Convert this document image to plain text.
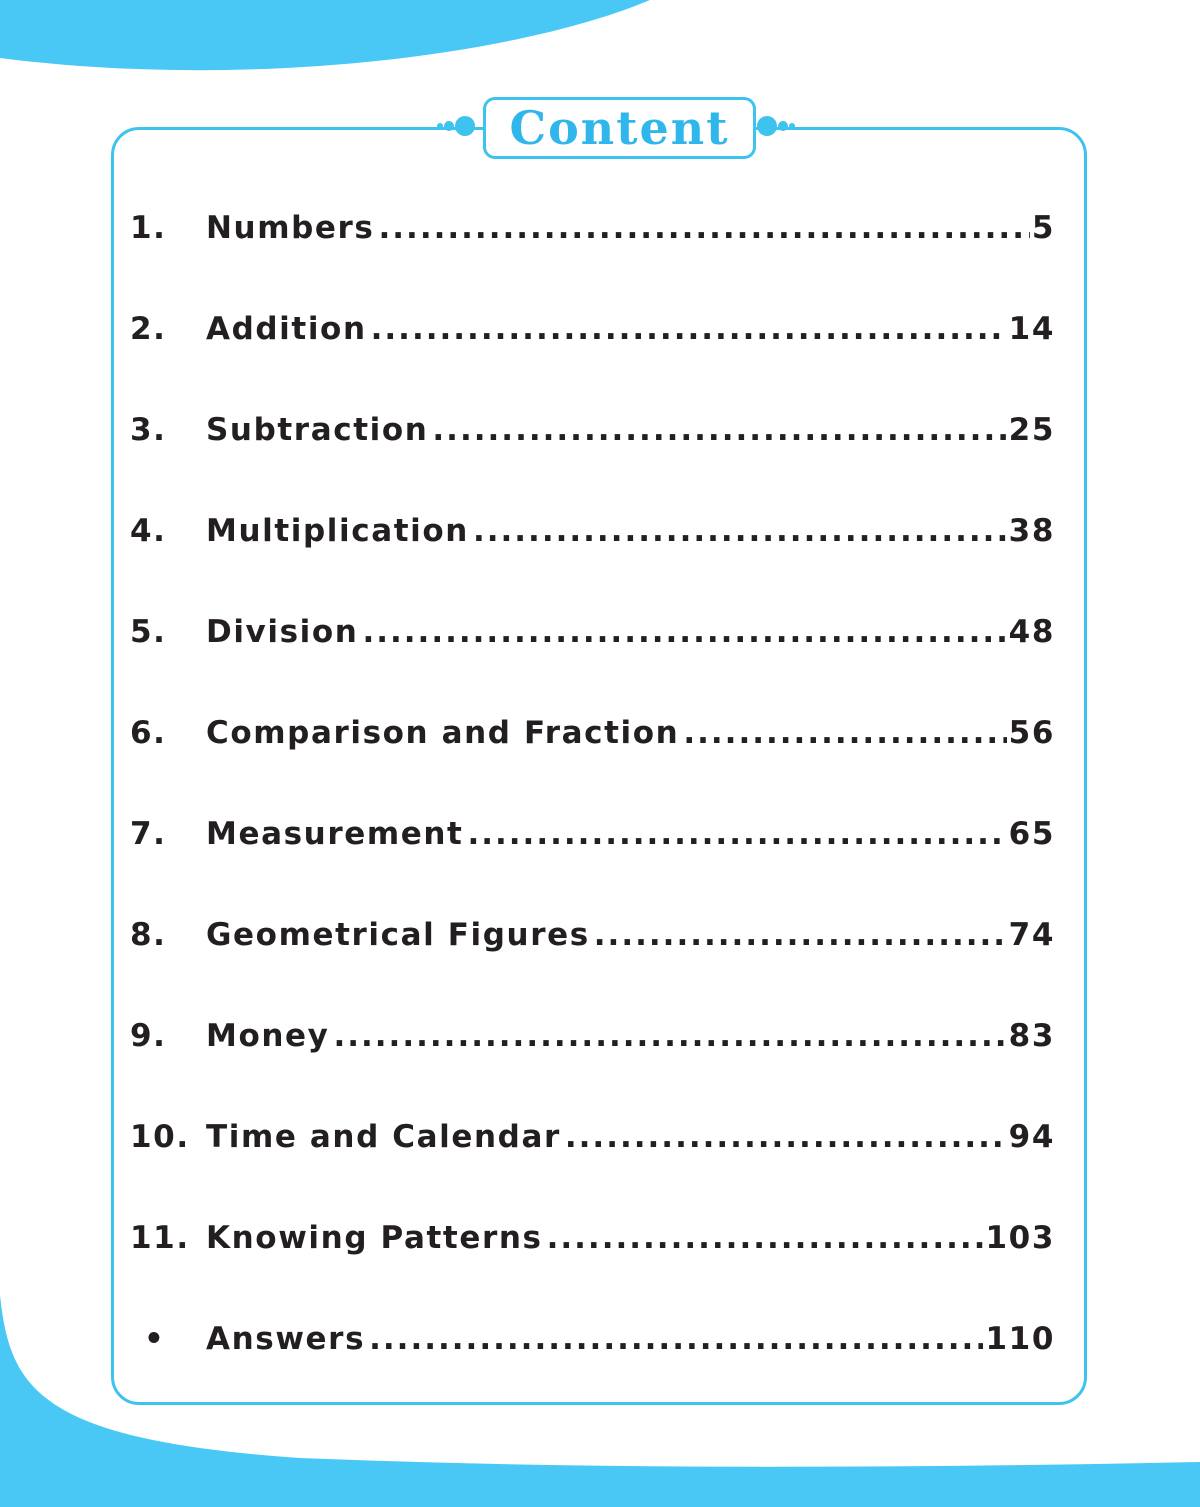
Content
1.	Numbers .....	5
2.	Addition .....	14
3.	Subtraction .....	25
4.	Multiplication .....	38
5.	Division .....	48
6.	Comparison and Fraction .....	56
7.	Measurement .....	65
8.	Geometrical Figures .....	74
9.	Money .....	83
10. Time and Calendar .....	94
11. Knowing Patterns .....	103
•	Answers .....	110
